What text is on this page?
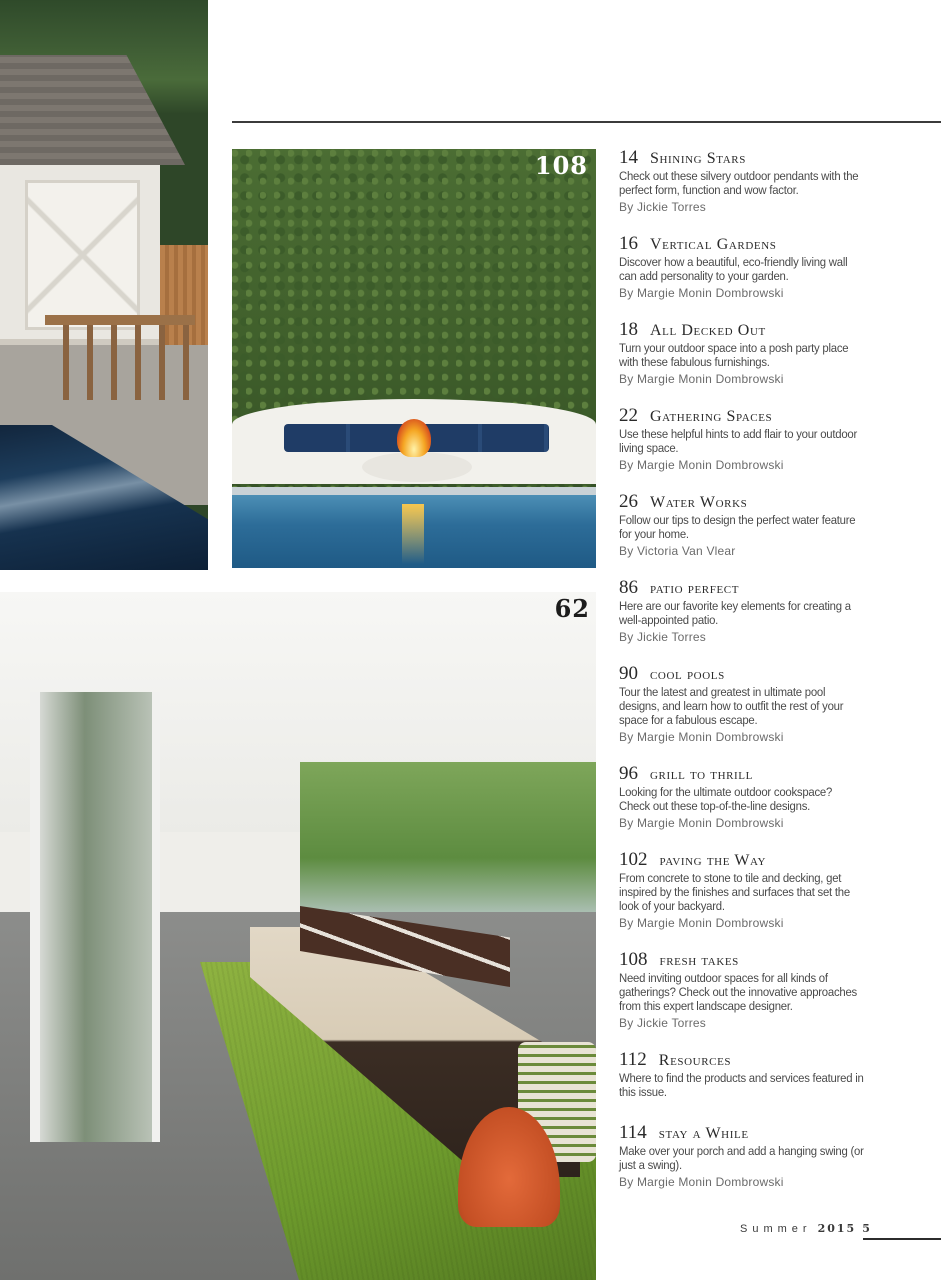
108
62
14 Shining Stars
Check out these silvery outdoor pendants with the perfect form, function and wow factor.
By Jickie Torres
16 Vertical Gardens
Discover how a beautiful, eco-friendly living wall can add personality to your garden.
By Margie Monin Dombrowski
18 All Decked Out
Turn your outdoor space into a posh party place with these fabulous furnishings.
By Margie Monin Dombrowski
22 Gathering Spaces
Use these helpful hints to add flair to your outdoor living space.
By Margie Monin Dombrowski
26 Water Works
Follow our tips to design the perfect water feature for your home.
By Victoria Van Vlear
86 patio perfect
Here are our favorite key elements for creating a well-appointed patio.
By Jickie Torres
90 cool pools
Tour the latest and greatest in ultimate pool designs, and learn how to outfit the rest of your space for a fabulous escape.
By Margie Monin Dombrowski
96 grill to thrill
Looking for the ultimate outdoor cookspace? Check out these top-of-the-line designs.
By Margie Monin Dombrowski
102 paving the Way
From concrete to stone to tile and decking, get inspired by the finishes and surfaces that set the look of your backyard.
By Margie Monin Dombrowski
108 fresh takes
Need inviting outdoor spaces for all kinds of gatherings? Check out the innovative approaches from this expert landscape designer.
By Jickie Torres
112 Resources
Where to find the products and services featured in this issue.
114 stay a While
Make over your porch and add a hanging swing (or just a swing).
By Margie Monin Dombrowski
Summer 2015 5
